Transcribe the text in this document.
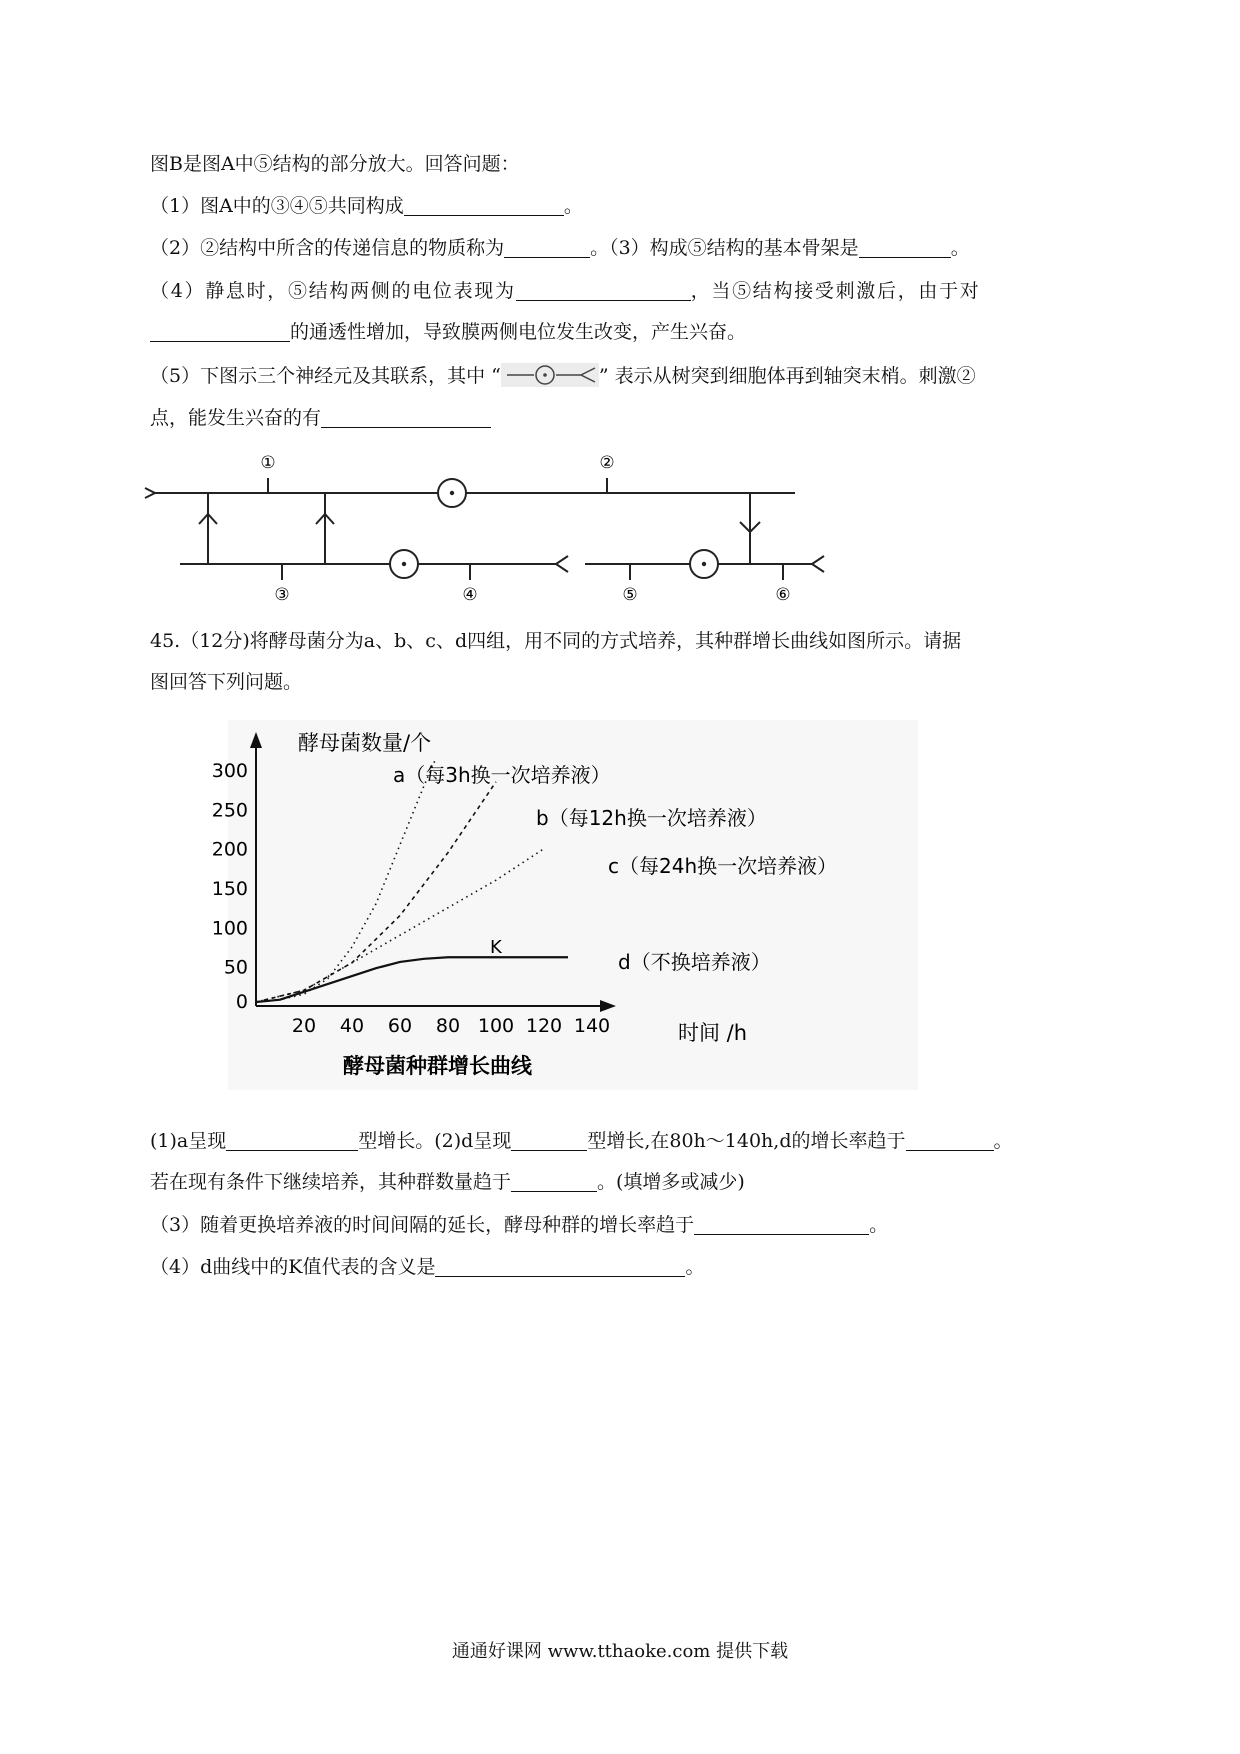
图B是图A中⑤结构的部分放大。回答问题：
（1）图A中的③④⑤共同构成	。
（2）②结构中所含的传递信息的物质称为	。（3）构成⑤结构的基本骨架是	。
（4）静息时，⑤结构两侧的电位表现为	，当⑤结构接受刺激后，由于对
的通透性增加，导致膜两侧电位发生改变，产生兴奋。
（5）下图示三个神经元及其联系，其中 “	” 表示从树突到细胞体再到轴突末梢。刺激②
点，能发生兴奋的有
①	②
③	④	⑤	⑥
45.（12分)将酵母菌分为a、b、c、d四组，用不同的方式培养，其种群增长曲线如图所示。请据
图回答下列问题。
20 40 60 80 100 120 140
0
50
100
150
200
250
300
酵母菌数量/个
时间 /h
酵母菌种群增长曲线
a（每3h换一次培养液）
b（每12h换一次培养液）
c（每24h换一次培养液）
d（不换培养液）
K
(1)a呈现	型增长。(2)d呈现	型增长,在80h～140h,d的增长率趋于	。
若在现有条件下继续培养，其种群数量趋于	。(填增多或减少)
（3）随着更换培养液的时间间隔的延长，酵母种群的增长率趋于	。
（4）d曲线中的K值代表的含义是	。
通通好课网 www.tthaoke.com 提供下载
